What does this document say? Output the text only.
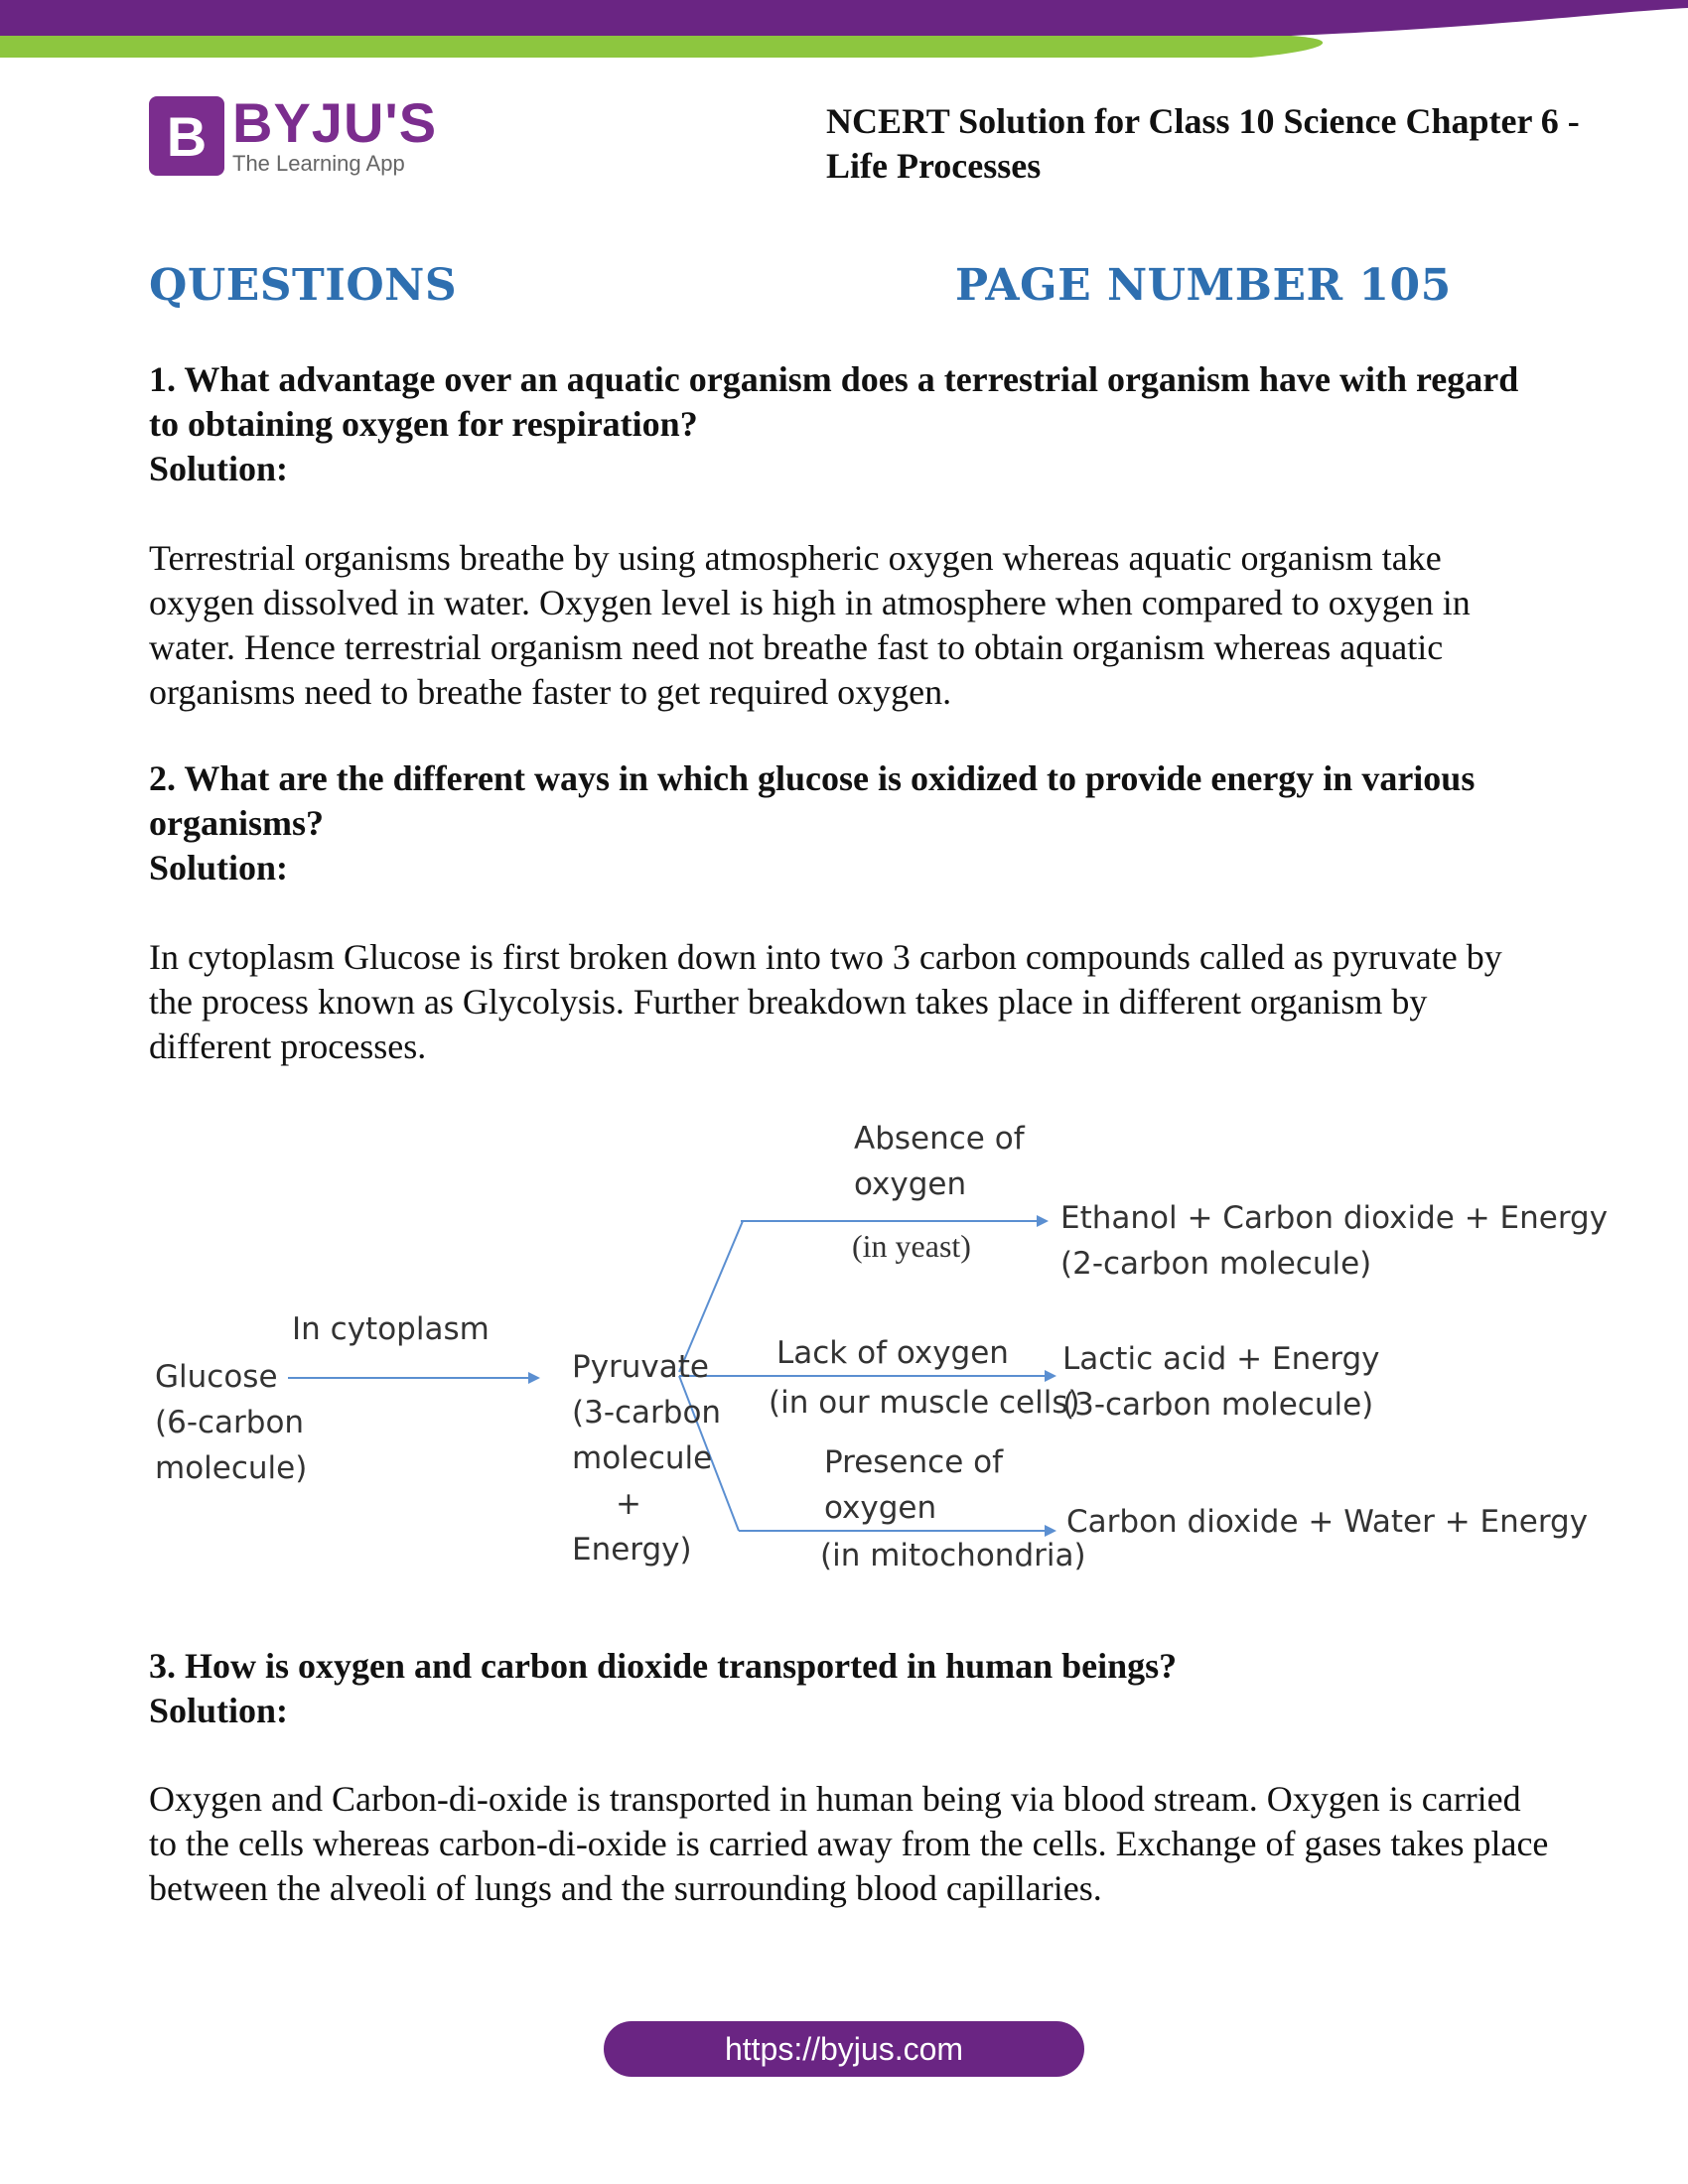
B BYJU'S
The Learning App
NCERT Solution for Class 10 Science Chapter 6 - Life Processes
QUESTIONS	PAGE NUMBER 105
1. What advantage over an aquatic organism does a terrestrial organism have with regard to obtaining oxygen for respiration?
Solution:
Terrestrial organisms breathe by using atmospheric oxygen whereas aquatic organism take oxygen dissolved in water. Oxygen level is high in atmosphere when compared to oxygen in water. Hence terrestrial organism need not breathe fast to obtain organism whereas aquatic organisms need to breathe faster to get required oxygen.
2. What are the different ways in which glucose is oxidized to provide energy in various organisms?
Solution:
In cytoplasm Glucose is first broken down into two 3 carbon compounds called as pyruvate by the process known as Glycolysis. Further breakdown takes place in different organism by different processes.
Glucose
(6-carbon
molecule)
In cytoplasm
Pyruvate
(3-carbon
molecule
+
Energy)
Absence of
oxygen
(in yeast)
Ethanol + Carbon dioxide + Energy
(2-carbon molecule)
Lack of oxygen
(in our muscle cells)
Lactic acid + Energy
(3-carbon molecule)
Presence of
oxygen
(in mitochondria)
Carbon dioxide + Water + Energy
3. How is oxygen and carbon dioxide transported in human beings?
Solution:
Oxygen and Carbon-di-oxide is transported in human being via blood stream. Oxygen is carried to the cells whereas carbon-di-oxide is carried away from the cells. Exchange of gases takes place between the alveoli of lungs and the surrounding blood capillaries.
https://byjus.com
